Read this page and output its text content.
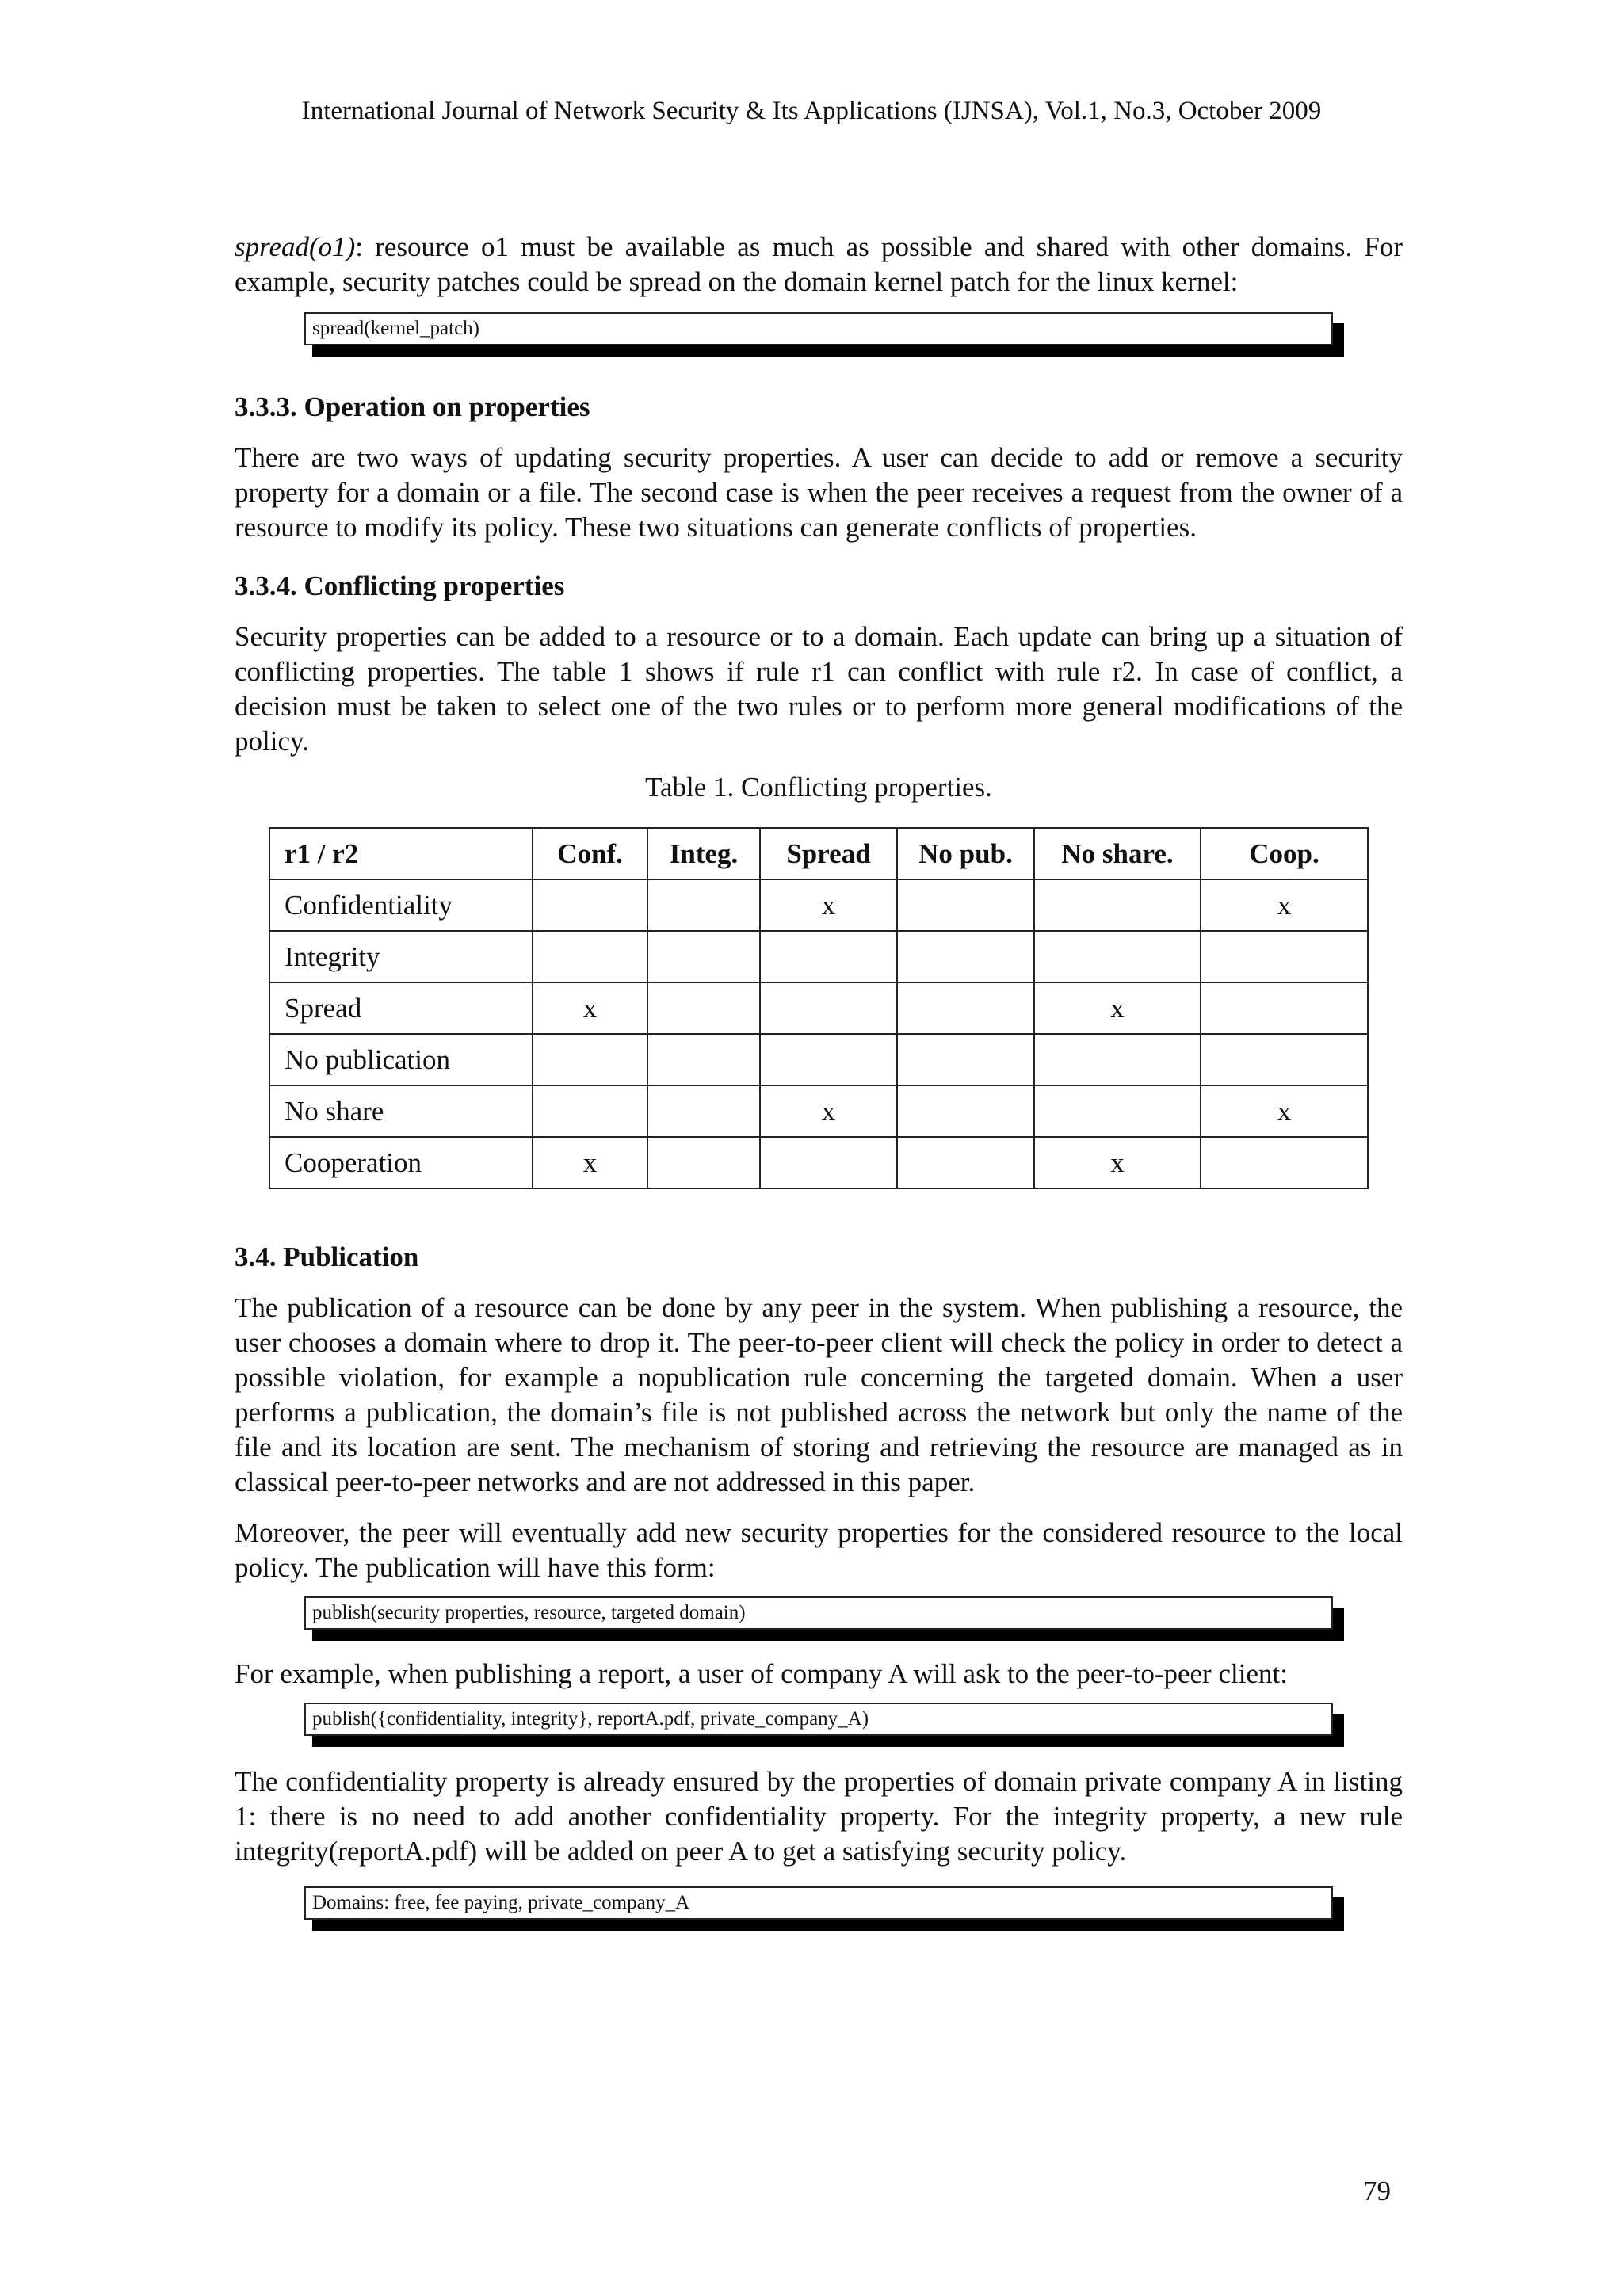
International Journal of Network Security & Its Applications (IJNSA), Vol.1, No.3, October 2009

spread(o1): resource o1 must be available as much as possible and shared with other domains. For example, security patches could be spread on the domain kernel patch for the linux kernel:

spread(kernel_patch)
3.3.3. Operation on properties

There are two ways of updating security properties. A user can decide to add or remove a security property for a domain or a file. The second case is when the peer receives a request from the owner of a resource to modify its policy. These two situations can generate conflicts of properties.

3.3.4. Conflicting properties

Security properties can be added to a resource or to a domain. Each update can bring up a situation of conflicting properties. The table 1 shows if rule r1 can conflict with rule r2. In case of conflict, a decision must be taken to select one of the two rules or to perform more general modifications of the policy.

Table 1. Conflicting properties.
r1 / r2	Conf.	Integ.	Spread	No pub.	No share.	Coop.
Confidentiality			x			x
Integrity						
Spread	x				x	
No publication						
No share			x			x
Cooperation	x				x	
3.4. Publication

The publication of a resource can be done by any peer in the system. When publishing a resource, the user chooses a domain where to drop it. The peer-to-peer client will check the policy in order to detect a possible violation, for example a nopublication rule concerning the targeted domain. When a user performs a publication, the domain’s file is not published across the network but only the name of the file and its location are sent. The mechanism of storing and retrieving the resource are managed as in classical peer-to-peer networks and are not addressed in this paper.

Moreover, the peer will eventually add new security properties for the considered resource to the local policy. The publication will have this form:

publish(security properties, resource, targeted domain)

For example, when publishing a report, a user of company A will ask to the peer-to-peer client:

publish({confidentiality, integrity}, reportA.pdf, private_company_A)

The confidentiality property is already ensured by the properties of domain private company A in listing 1: there is no need to add another confidentiality property. For the integrity property, a new rule integrity(reportA.pdf) will be added on peer A to get a satisfying security policy.

Domains: free, fee paying, private_company_A
79
